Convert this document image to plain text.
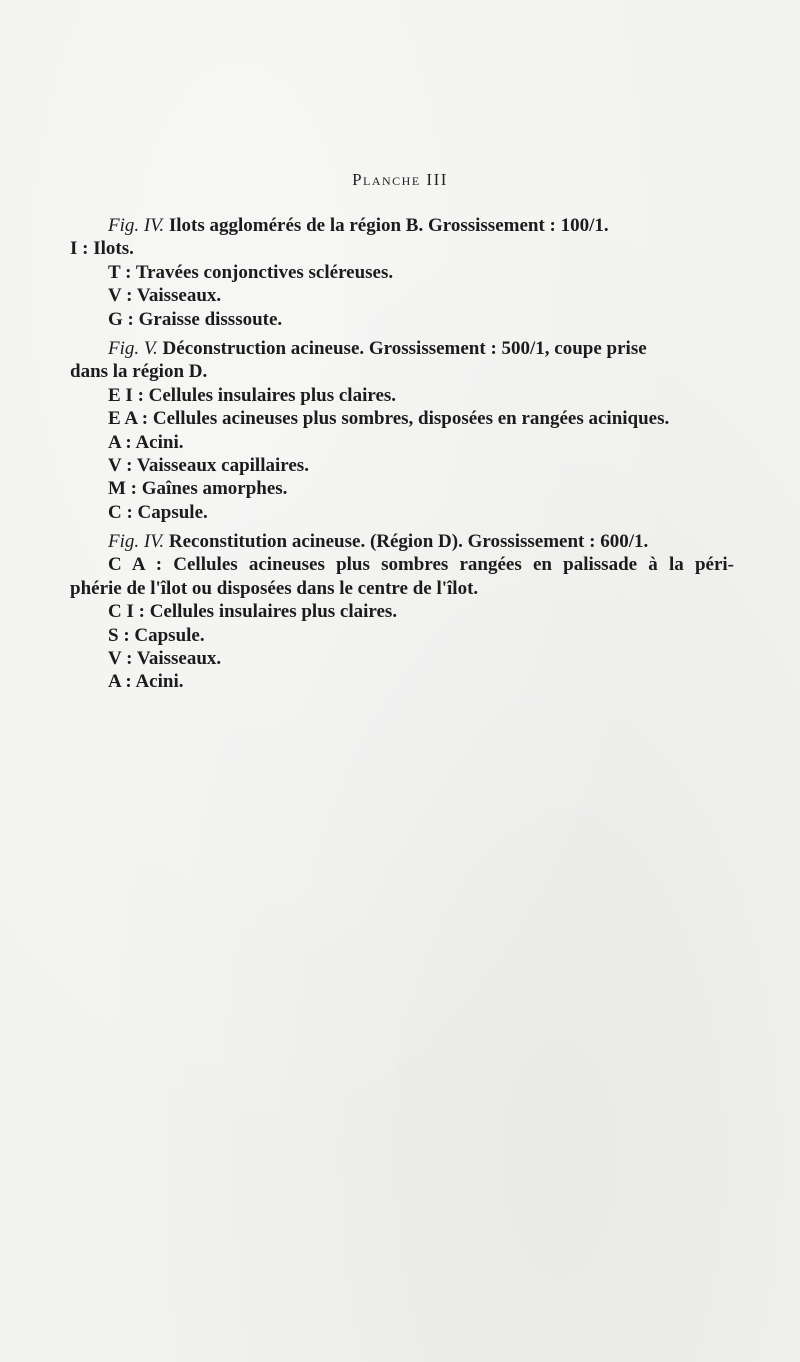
Planche III
Fig. IV. Ilots agglomérés de la région B. Grossissement : 100/1.
I : Ilots.
T : Travées conjonctives scléreuses.
V : Vaisseaux.
G : Graisse disssoute.
Fig. V. Déconstruction acineuse. Grossissement : 500/1, coupe prise
dans la région D.
E I : Cellules insulaires plus claires.
E A : Cellules acineuses plus sombres, disposées en rangées aciniques.
A : Acini.
V : Vaisseaux capillaires.
M : Gaînes amorphes.
C : Capsule.
Fig. IV. Reconstitution acineuse. (Région D). Grossissement : 600/1.
C A : Cellules acineuses plus sombres rangées en palissade à la péri-
phérie de l'îlot ou disposées dans le centre de l'îlot.
C I : Cellules insulaires plus claires.
S : Capsule.
V : Vaisseaux.
A : Acini.
